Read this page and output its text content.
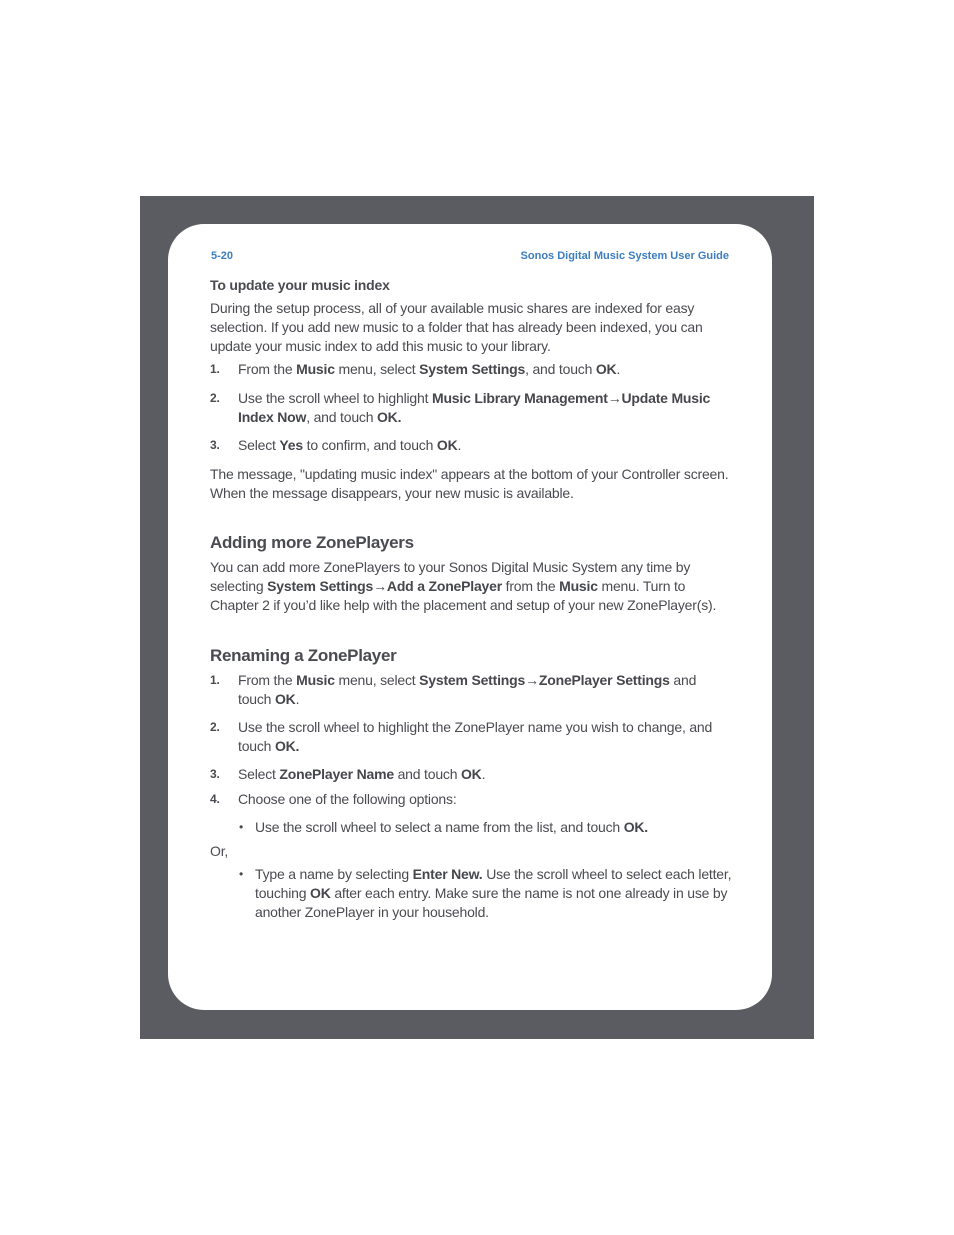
5-20	Sonos Digital Music System User Guide

To update your music index

During the setup process, all of your available music shares are indexed for easy selection. If you add new music to a folder that has already been indexed, you can update your music index to add this music to your library.

1. From the Music menu, select System Settings, and touch OK.
2. Use the scroll wheel to highlight Music Library Management→Update Music Index Now, and touch OK.
3. Select Yes to confirm, and touch OK.

The message, "updating music index" appears at the bottom of your Controller screen. When the message disappears, your new music is available.

Adding more ZonePlayers

You can add more ZonePlayers to your Sonos Digital Music System any time by selecting System Settings→Add a ZonePlayer from the Music menu. Turn to Chapter 2 if you’d like help with the placement and setup of your new ZonePlayer(s).

Renaming a ZonePlayer

1. From the Music menu, select System Settings→ZonePlayer Settings and touch OK.
2. Use the scroll wheel to highlight the ZonePlayer name you wish to change, and touch OK.
3. Select ZonePlayer Name and touch OK.
4. Choose one of the following options:
• Use the scroll wheel to select a name from the list, and touch OK.

Or,

• Type a name by selecting Enter New. Use the scroll wheel to select each letter, touching OK after each entry. Make sure the name is not one already in use by another ZonePlayer in your household.
